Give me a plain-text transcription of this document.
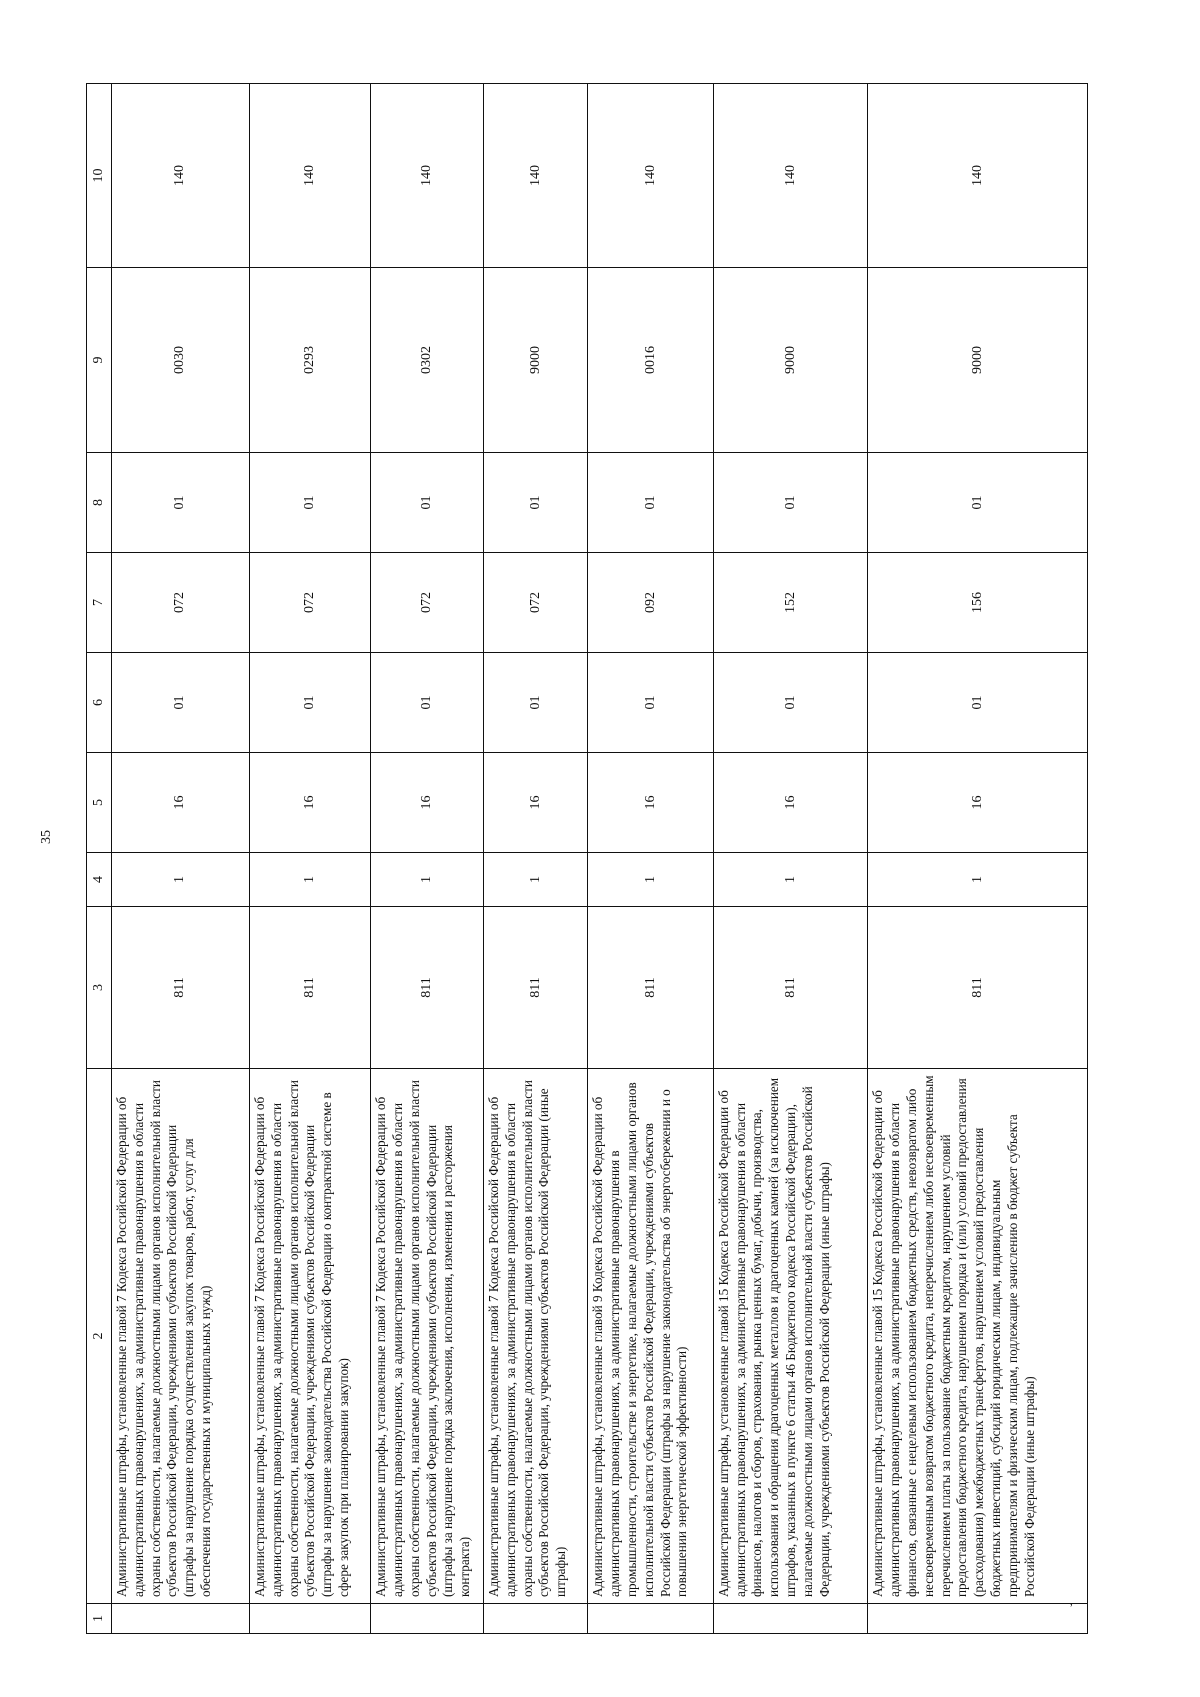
35
1	2	3	4	5	6	7	8	9	10
	Административные штрафы, установленные главой 7 Кодекса Российской Федерации об административных правонарушениях, за административные правонарушения в области охраны собственности, налагаемые должностными лицами органов исполнительной власти субъектов Российской Федерации, учреждениями субъектов Российской Федерации (штрафы за нарушение порядка осуществления закупок товаров, работ, услуг для обеспечения государственных и муниципальных нужд)	811	1	16	01	072	01	0030	140
	Административные штрафы, установленные главой 7 Кодекса Российской Федерации об административных правонарушениях, за административные правонарушения в области охраны собственности, налагаемые должностными лицами органов исполнительной власти субъектов Российской Федерации, учреждениями субъектов Российской Федерации (штрафы за нарушение законодательства Российской Федерации о контрактной системе в сфере закупок при планировании закупок)	811	1	16	01	072	01	0293	140
	Административные штрафы, установленные главой 7 Кодекса Российской Федерации об административных правонарушениях, за административные правонарушения в области охраны собственности, налагаемые должностными лицами органов исполнительной власти субъектов Российской Федерации, учреждениями субъектов Российской Федерации (штрафы за нарушение порядка заключения, исполнения, изменения и расторжения контракта)	811	1	16	01	072	01	0302	140
	Административные штрафы, установленные главой 7 Кодекса Российской Федерации об административных правонарушениях, за административные правонарушения в области охраны собственности, налагаемые должностными лицами органов исполнительной власти субъектов Российской Федерации, учреждениями субъектов Российской Федерации (иные штрафы)	811	1	16	01	072	01	9000	140
	Административные штрафы, установленные главой 9 Кодекса Российской Федерации об административных правонарушениях, за административные правонарушения в промышленности, строительстве и энергетике, налагаемые должностными лицами органов исполнительной власти субъектов Российской Федерации, учреждениями субъектов Российской Федерации (штрафы за нарушение законодательства об энергосбережении и о повышении энергетической эффективности)	811	1	16	01	092	01	0016	140
	Административные штрафы, установленные главой 15 Кодекса Российской Федерации об административных правонарушениях, за административные правонарушения в области финансов, налогов и сборов, страхования, рынка ценных бумаг, добычи, производства, использования и обращения драгоценных металлов и драгоценных камней (за исключением штрафов, указанных в пункте 6 статьи 46 Бюджетного кодекса Российской Федерации), налагаемые должностными лицами органов исполнительной власти субъектов Российской Федерации, учреждениями субъектов Российской Федерации (иные штрафы)	811	1	16	01	152	01	9000	140
	Административные штрафы, установленные главой 15 Кодекса Российской Федерации об административных правонарушениях, за административные правонарушения в области финансов, связанные с нецелевым использованием бюджетных средств, невозвратом либо несвоевременным возвратом бюджетного кредита, неперечислением либо несвоевременным перечислением платы за пользование бюджетным кредитом, нарушением условий предоставления бюджетного кредита, нарушением порядка и (или) условий предоставления (расходования) межбюджетных трансфертов, нарушением условий предоставления бюджетных инвестиций, субсидий юридическим лицам, индивидуальным предпринимателям и физическим лицам, подлежащие зачислению в бюджет субъекта Российской Федерации (иные штрафы)	811	1	16	01	156	01	9000	140
,
